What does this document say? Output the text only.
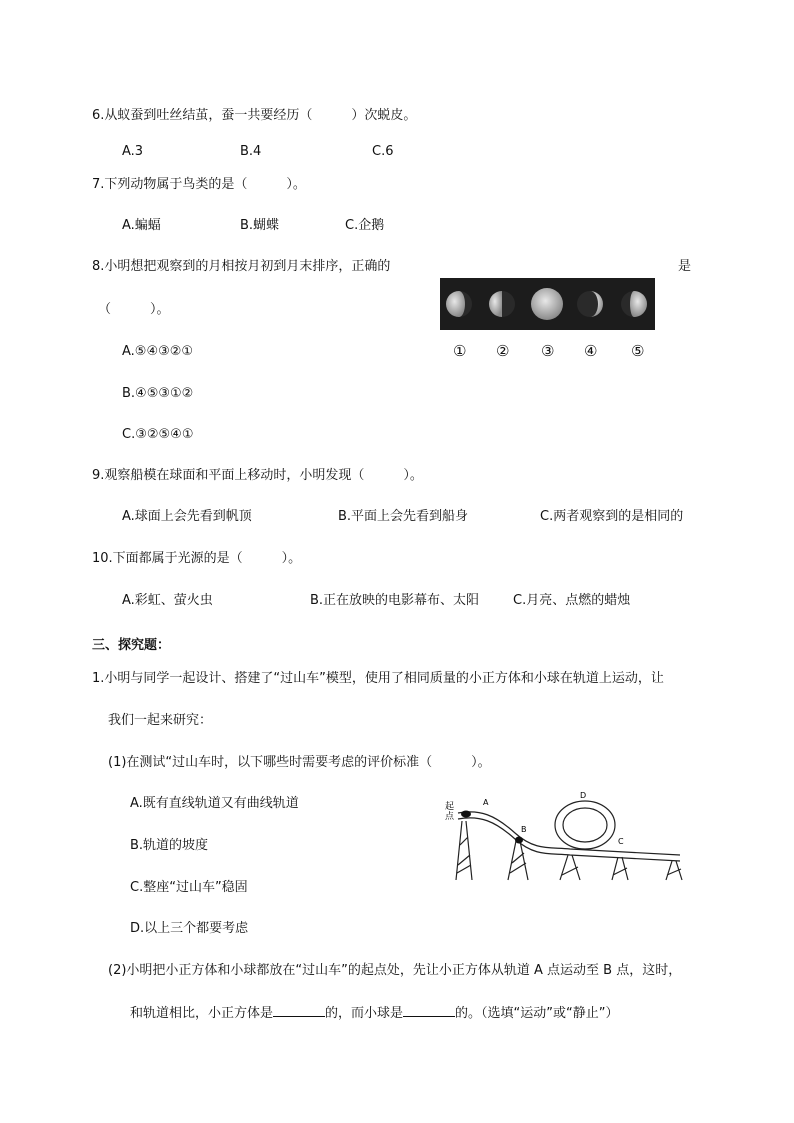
6.从蚁蚕到吐丝结茧，蚕一共要经历（　　　）次蜕皮。
A.3	B.4	C.6
7.下列动物属于鸟类的是（　　　）。
A.蝙蝠	B.蝴蝶	C.企鹅
8.小明想把观察到的月相按月初到月末排序，正确的	是
（　　　）。
A.⑤④③②①
B.④⑤③①②
C.③②⑤④①
① ② ③ ④ ⑤
9.观察船模在球面和平面上移动时，小明发现（　　　）。
A.球面上会先看到帆顶	B.平面上会先看到船身	C.两者观察到的是相同的
10.下面都属于光源的是（　　　）。
A.彩虹、萤火虫	B.正在放映的电影幕布、太阳	C.月亮、点燃的蜡烛
三、探究题：
1.小明与同学一起设计、搭建了“过山车”模型，使用了相同质量的小正方体和小球在轨道上运动，让
我们一起来研究：
(1)在测试“过山车时，以下哪些时需要考虑的评价标准（　　　）。
A.既有直线轨道又有曲线轨道
B.轨道的坡度
C.整座“过山车”稳固
D.以上三个都要考虑
(2)小明把小正方体和小球都放在“过山车”的起点处，先让小正方体从轨道 A 点运动至 B 点，这时，
和轨道相比，小正方体是	的，而小球是	的。（选填“运动”或“静止”）
起
点
A
B
C
D
